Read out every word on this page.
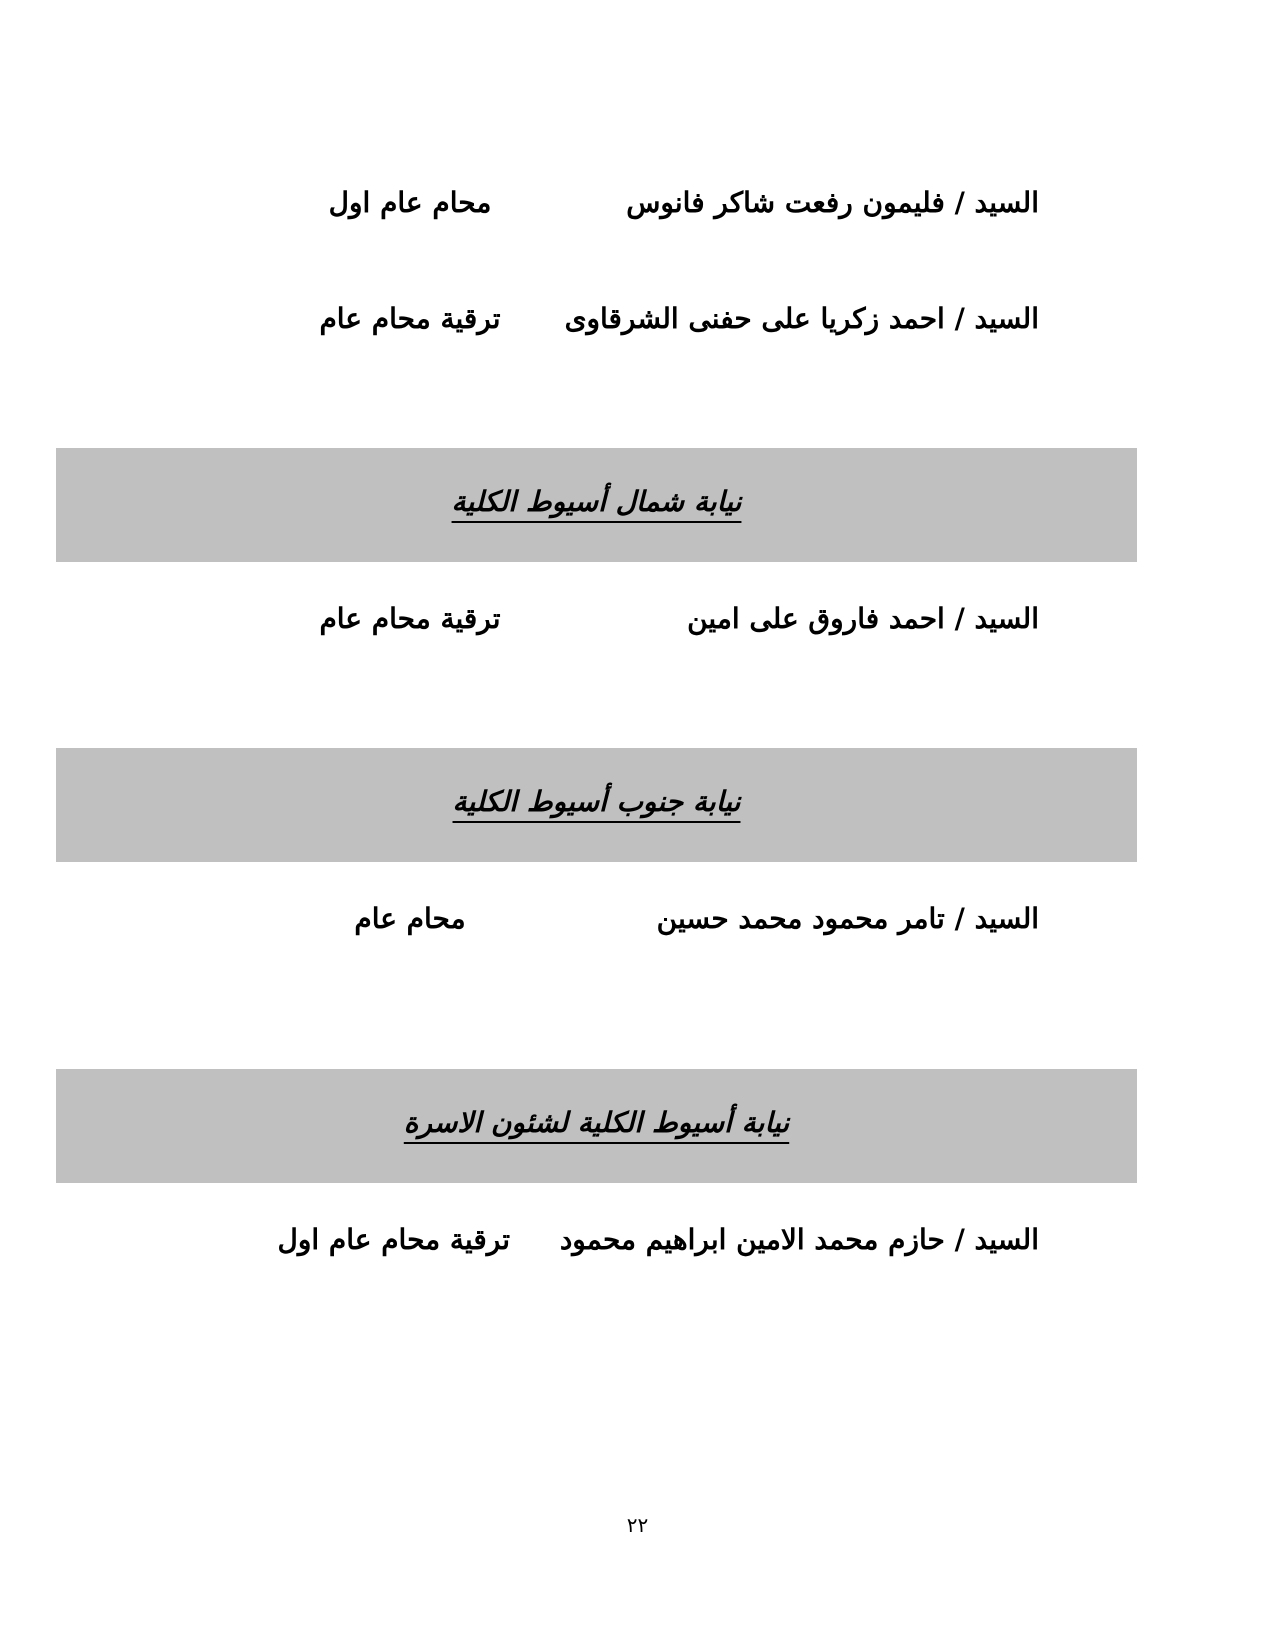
السيد / فليمون رفعت شاكر فانوس
محام عام اول
السيد / احمد زكريا على حفنى الشرقاوى
ترقية محام عام
نيابة شمال أسيوط الكلية
السيد / احمد فاروق على امين
ترقية محام عام
نيابة جنوب أسيوط الكلية
السيد / تامر محمود محمد حسين
محام عام
نيابة أسيوط الكلية لشئون الاسرة
السيد / حازم محمد الامين ابراهيم محمود
ترقية محام عام اول
٢٢
